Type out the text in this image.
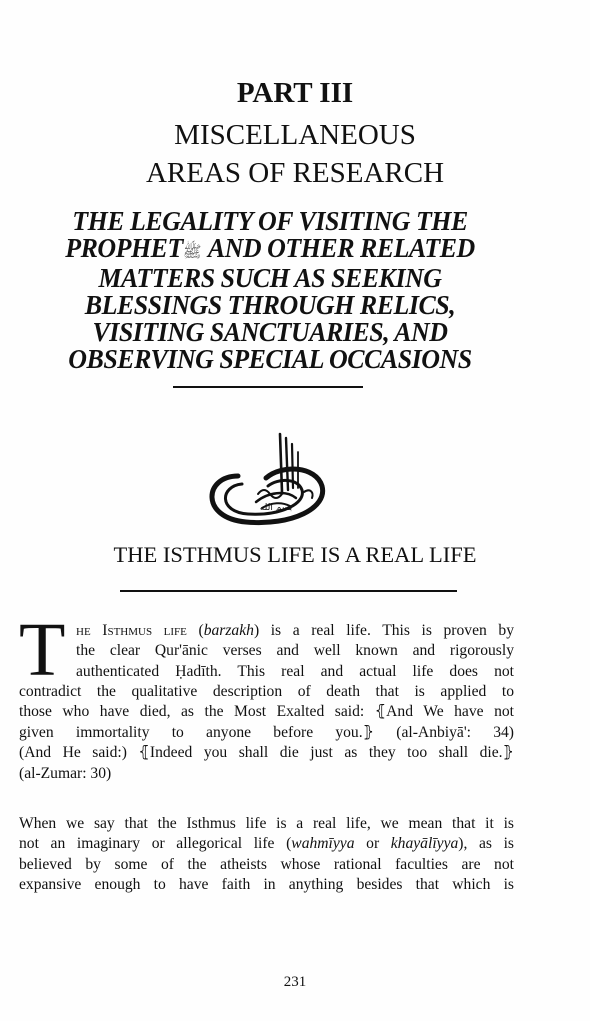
PART III
MISCELLANEOUS
AREAS OF RESEARCH
THE LEGALITY OF VISITING THE
PROPHETﷺ AND OTHER RELATED
MATTERS SUCH AS SEEKING
BLESSINGS THROUGH RELICS,
VISITING SANCTUARIES, AND
OBSERVING SPECIAL OCCASIONS
بسم الله
THE ISTHMUS LIFE IS A REAL LIFE
T he Isthmus life (barzakh) is a real life. This is proven by
the clear Qur'ānic verses and well known and rigorously
authenticated Ḥadīth. This real and actual life does not
contradict the qualitative description of death that is applied to
those who have died, as the Most Exalted said: ⦃And We have not
given immortality to anyone before you.⦄ (al-Anbiyā': 34)
(And He said:) ⦃Indeed you shall die just as they too shall die.⦄
(al-Zumar: 30)
When we say that the Isthmus life is a real life, we mean that it is
not an imaginary or allegorical life (wahmīyya or khayālīyya), as is
believed by some of the atheists whose rational faculties are not
expansive enough to have faith in anything besides that which is
231
